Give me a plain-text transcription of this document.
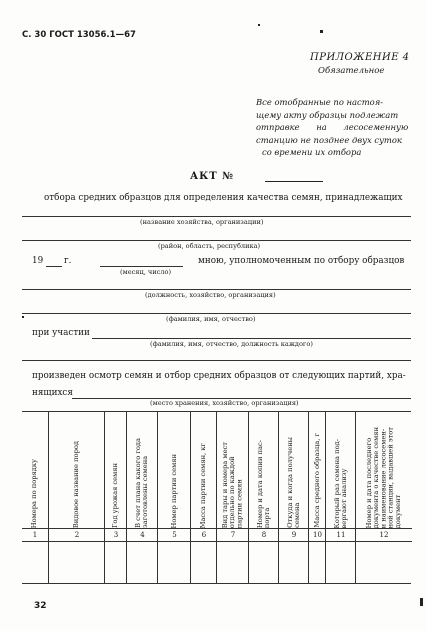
С. 30 ГОСТ 13056.1—67
ПРИЛОЖЕНИЕ 4
Обязательное
Все отобранные по настоя-
щему акту образцы подлежат
отправке на лесосеменную
станцию не позднее двух суток
со времени их отбора
АКТ №
отбора средних образцов для определения качества семян, принадлежащих
(название хозяйства, организации)
(район, область, республика)
19 г.
(месяц, число)
мною, уполномоченным по отбору образцов
(должность, хозяйство, организация)
(фамилия, имя, отчество)
при участии
(фамилия, имя, отчество, должность каждого)
произведен осмотр семян и отбор средних образцов от следующих партий, хра-
нящихся
(место хранения, хозяйство, организация)
Номера по порядку
1
Видовое название пород
2
Год урожая семян
3
В счет плана какого года
заготовлены семена
4
Номер партии семян
5
Масса партии семян, кг
6
Вид тары и номера мест
отдельно по каждой
партии семян
7
Номер и дата копии пас-
порта
8
Откуда и когда получены
семена
9
Масса среднего образца, г
10
Который раз семена под-
вергают анализу
11
Номер и дата последнего
документа о качестве семян
и наименование лесосемен-
ной станции, выдавшей этот
документ
12
32
